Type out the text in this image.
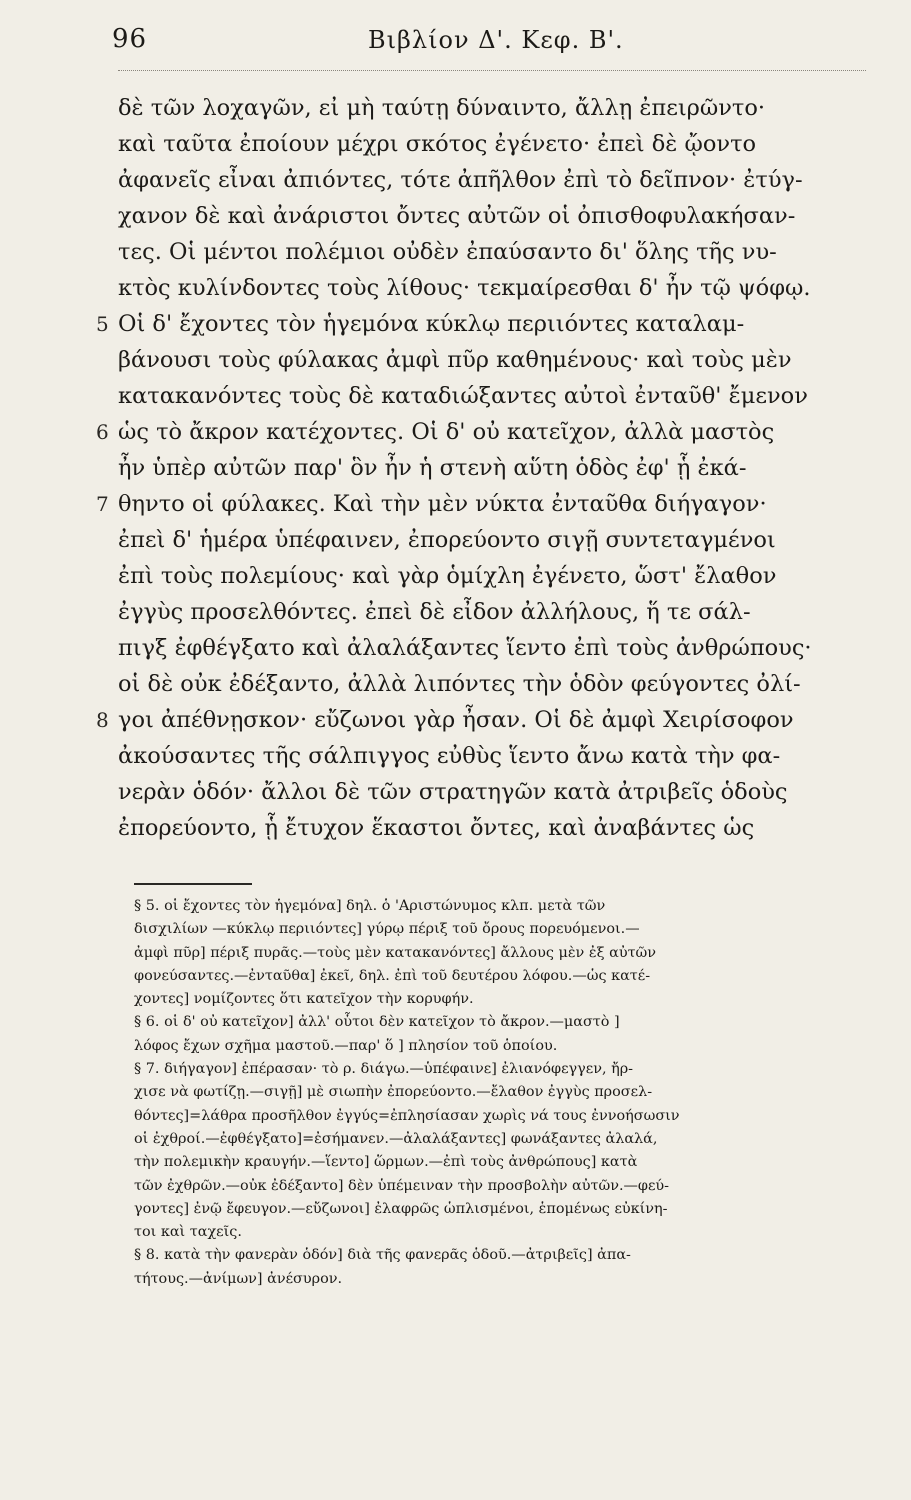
96	Βιβλίον Δ'. Κεφ. Β'.
δὲ τῶν λοχαγῶν, εἰ μὴ ταύτῃ δύναιντο, ἄλλῃ ἐπειρῶντο·
καὶ ταῦτα ἐποίουν μέχρι σκότος ἐγένετο· ἐπεὶ δὲ ᾤοντο
ἀφανεῖς εἶναι ἀπιόντες, τότε ἀπῆλθον ἐπὶ τὸ δεῖπνον· ἐτύγ-
χανον δὲ καὶ ἀνάριστοι ὄντες αὐτῶν οἱ ὀπισθοφυλακήσαν-
τες. Οἱ μέντοι πολέμιοι οὐδὲν ἐπαύσαντο δι' ὅλης τῆς νυ-
κτὸς κυλίνδοντες τοὺς λίθους· τεκμαίρεσθαι δ' ἦν τῷ ψόφῳ.
5 Οἱ δ' ἔχοντες τὸν ἡγεμόνα κύκλῳ περιιόντες καταλαμ-
βάνουσι τοὺς φύλακας ἀμφὶ πῦρ καθημένους· καὶ τοὺς μὲν
κατακανόντες τοὺς δὲ καταδιώξαντες αὐτοὶ ἐνταῦθ' ἔμενον
6 ὡς τὸ ἄκρον κατέχοντες. Οἱ δ' οὐ κατεῖχον, ἀλλὰ μαστὸς
ἦν ὑπὲρ αὐτῶν παρ' ὃν ἦν ἡ στενὴ αὕτη ὁδὸς ἐφ' ᾗ ἐκά-
7 θηντο οἱ φύλακες. Καὶ τὴν μὲν νύκτα ἐνταῦθα διήγαγον·
ἐπεὶ δ' ἡμέρα ὑπέφαινεν, ἐπορεύοντο σιγῇ συντεταγμένοι
ἐπὶ τοὺς πολεμίους· καὶ γὰρ ὁμίχλη ἐγένετο, ὥστ' ἔλαθον
ἐγγὺς προσελθόντες. ἐπεὶ δὲ εἶδον ἀλλήλους, ἥ τε σάλ-
πιγξ ἐφθέγξατο καὶ ἀλαλάξαντες ἵεντο ἐπὶ τοὺς ἀνθρώπους·
οἱ δὲ οὐκ ἐδέξαντο, ἀλλὰ λιπόντες τὴν ὁδὸν φεύγοντες ὀλί-
8 γοι ἀπέθνῃσκον· εὔζωνοι γὰρ ἦσαν. Οἱ δὲ ἀμφὶ Χειρίσοφον
ἀκούσαντες τῆς σάλπιγγος εὐθὺς ἵεντο ἄνω κατὰ τὴν φα-
νερὰν ὁδόν· ἄλλοι δὲ τῶν στρατηγῶν κατὰ ἀτριβεῖς ὁδοὺς
ἐπορεύοντο, ᾗ ἔτυχον ἕκαστοι ὄντες, καὶ ἀναβάντες ὡς
§ 5. οἱ ἔχοντες τὸν ἡγεμόνα] δηλ. ὁ 'Αριστώνυμος κλπ. μετὰ τῶν
δισχιλίων —κύκλῳ περιιόντες] γύρῳ πέριξ τοῦ ὄρους πορευόμενοι.—
ἀμφὶ πῦρ] πέριξ πυρᾶς.—τοὺς μὲν κατακανόντες] ἄλλους μὲν ἐξ αὐτῶν
φονεύσαντες.—ἐνταῦθα] ἐκεῖ, δηλ. ἐπὶ τοῦ δευτέρου λόφου.—ὡς κατέ-
χοντες] νομίζοντες ὅτι κατεῖχον τὴν κορυφήν.
§ 6. οἱ δ' οὐ κατεῖχον] ἀλλ' οὗτοι δὲν κατεῖχον τὸ ἄκρον.—μαστὸ ]
λόφος ἔχων σχῆμα μαστοῦ.—παρ' ὅ ] πλησίον τοῦ ὁποίου.
§ 7. διήγαγον] ἐπέρασαν· τὸ ρ. διάγω.—ὑπέφαινε] ἐλιανόφεγγεν, ἤρ-
χισε νὰ φωτίζῃ.—σιγῇ] μὲ σιωπὴν ἐπορεύοντο.—ἔλαθον ἐγγὺς προσελ-
θόντες]=λάθρα προσῆλθον ἐγγύς=ἐπλησίασαν χωρὶς νά τους ἐννοήσωσιν
οἱ ἐχθροί.—ἐφθέγξατο]=ἐσήμανεν.—ἀλαλάξαντες] φωνάξαντες ἀλαλά,
τὴν πολεμικὴν κραυγήν.—ἵεντο] ὥρμων.—ἐπὶ τοὺς ἀνθρώπους] κατὰ
τῶν ἐχθρῶν.—οὐκ ἐδέξαντο] δὲν ὑπέμειναν τὴν προσβολὴν αὐτῶν.—φεύ-
γοντες] ἐνῷ ἔφευγον.—εὔζωνοι] ἐλαφρῶς ὡπλισμένοι, ἑπομένως εὐκίνη-
τοι καὶ ταχεῖς.
§ 8. κατὰ τὴν φανερὰν ὁδόν] διὰ τῆς φανερᾶς ὁδοῦ.—ἀτριβεῖς] ἀπα-
τήτους.—ἀνίμων] ἀνέσυρον.
